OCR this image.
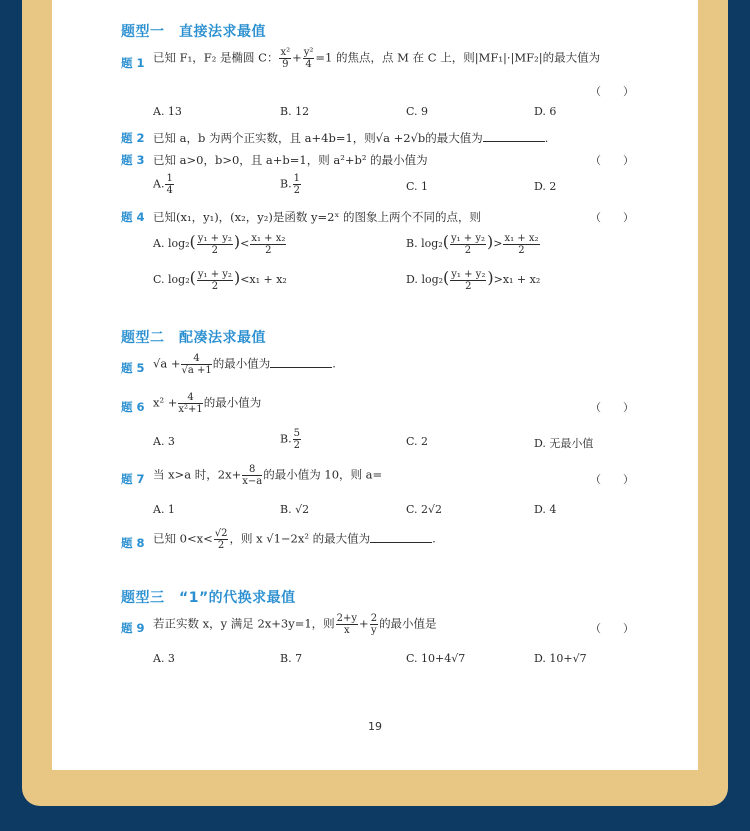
题型一　直接法求最值
题 1 已知 F₁，F₂ 是椭圆 C： $\frac{\text{x²}}{9} + \frac{\text{y²}}{4} =1$ 的焦点，点 M 在 C 上，则|MF₁|·|MF₂|的最大值为
（　　）
A. 13	B. 12	C. 9	D. 6
题 2 已知 a，b 为两个正实数，且 a+4b=1，则√a +2√b的最大值为	.
题 3 已知 a>0，b>0，且 a+b=1，则 a²+b² 的最小值为	（　　）
A. $\frac{1}{4}$	B. $\frac{1}{2}$	C. 1	D. 2
题 4 已知(x₁，y₁)，(x₂，y₂)是函数 y=2ˣ 的图象上两个不同的点，则	（　　）
A. $\log_2( \frac{\text{y₁ + y₂}}{2}$ )< $\frac{\text{x₁ + x₂}}{2}$	B. $\log_2( \frac{\text{y₁ + y₂}}{2}$ )> $\frac{\text{x₁ + x₂}}{2}$
C. $\log_2( \frac{\text{y₁ + y₂}}{2} )<x_1 + x_2$	D. $\log_2( \frac{\text{y₁ + y₂}}{2} )>x_1 + x_2$
题型二　配凑法求最值
题 5 $√a + \frac{4}{√a +1}$ 的最小值为	.
题 6 $x^2 + \frac{4}{\text{x²+1}}$ 的最小值为	（　　）
A. 3	B. $\frac{5}{2}$	C. 2	D. 无最小值
题 7 当 x>a 时，$2x+ \frac{8}{x-a}$ 的最小值为 10，则 a=	（　　）
A. 1	B. √2	C. 2√2	D. 4
题 8 已知 $0<x< \frac{√2}{2}$ ，则 x √1−2x² 的最大值为	.
题型三　“1”的代换求最值
题 9 若正实数 x，y 满足 2x+3y=1，则 $\frac{2+y}{x} + \frac{2}{y}$ 的最小值是	（　　）
A. 3	B. 7	C. 10+4√7	D. 10+√7
19
